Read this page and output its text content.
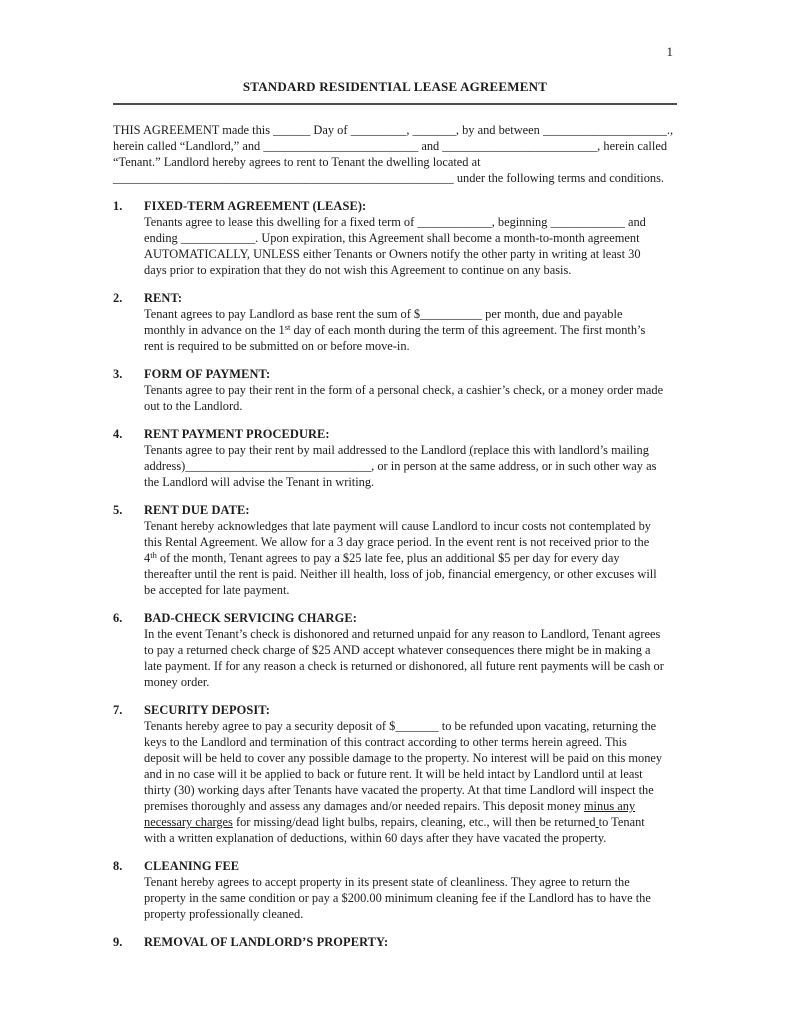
1
STANDARD RESIDENTIAL LEASE AGREEMENT

THIS AGREEMENT made this ______ Day of _________, _______, by and between ____________________., herein called “Landlord,” and _________________________ and _________________________, herein called “Tenant.” Landlord hereby agrees to rent to Tenant the dwelling located at _______________________________________________________ under the following terms and conditions.

1.	FIXED-TERM AGREEMENT (LEASE):

Tenants agree to lease this dwelling for a fixed term of ____________, beginning ____________ and ending ____________. Upon expiration, this Agreement shall become a month-to-month agreement AUTOMATICALLY, UNLESS either Tenants or Owners notify the other party in writing at least 30 days prior to expiration that they do not wish this Agreement to continue on any basis.

2.	RENT:

Tenant agrees to pay Landlord as base rent the sum of $__________ per month, due and payable monthly in advance on the 1st day of each month during the term of this agreement. The first month’s rent is required to be submitted on or before move-in.

3.	FORM OF PAYMENT:

Tenants agree to pay their rent in the form of a personal check, a cashier’s check, or a money order made out to the Landlord.

4.	RENT PAYMENT PROCEDURE:

Tenants agree to pay their rent by mail addressed to the Landlord (replace this with landlord’s mailing address)______________________________, or in person at the same address, or in such other way as the Landlord will advise the Tenant in writing.

5.	RENT DUE DATE:

Tenant hereby acknowledges that late payment will cause Landlord to incur costs not contemplated by this Rental Agreement. We allow for a 3 day grace period. In the event rent is not received prior to the 4th of the month, Tenant agrees to pay a $25 late fee, plus an additional $5 per day for every day thereafter until the rent is paid. Neither ill health, loss of job, financial emergency, or other excuses will be accepted for late payment.

6.	BAD-CHECK SERVICING CHARGE:

In the event Tenant’s check is dishonored and returned unpaid for any reason to Landlord, Tenant agrees to pay a returned check charge of $25 AND accept whatever consequences there might be in making a late payment. If for any reason a check is returned or dishonored, all future rent payments will be cash or money order.

7.	SECURITY DEPOSIT:

Tenants hereby agree to pay a security deposit of $_______ to be refunded upon vacating, returning the keys to the Landlord and termination of this contract according to other terms herein agreed. This deposit will be held to cover any possible damage to the property. No interest will be paid on this money and in no case will it be applied to back or future rent. It will be held intact by Landlord until at least thirty (30) working days after Tenants have vacated the property. At that time Landlord will inspect the premises thoroughly and assess any damages and/or needed repairs. This deposit money minus any necessary charges for missing/dead light bulbs, repairs, cleaning, etc., will then be returned to Tenant with a written explanation of deductions, within 60 days after they have vacated the property.

8.	CLEANING FEE

Tenant hereby agrees to accept property in its present state of cleanliness. They agree to return the property in the same condition or pay a $200.00 minimum cleaning fee if the Landlord has to have the property professionally cleaned.

9.	REMOVAL OF LANDLORD’S PROPERTY:
